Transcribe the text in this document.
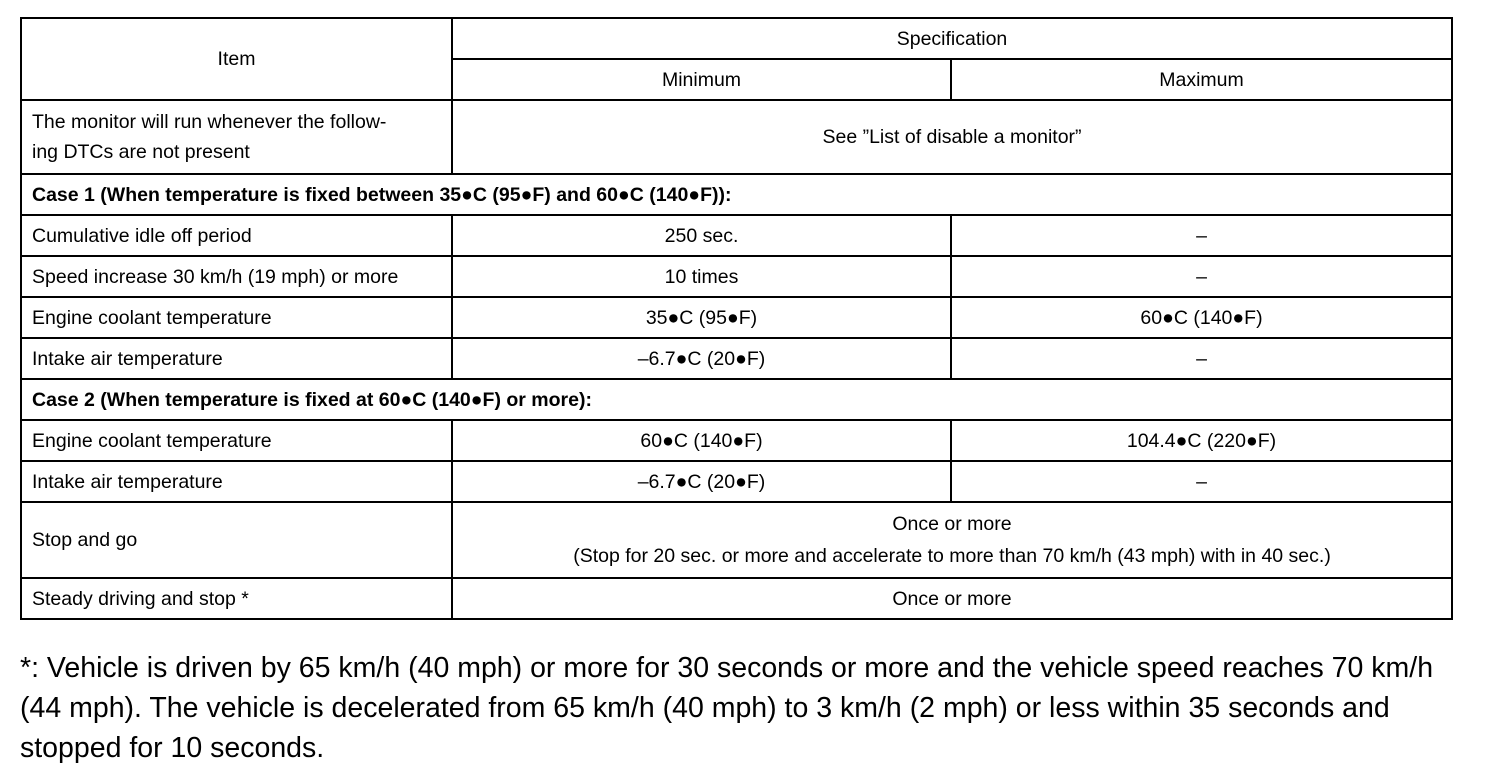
Item	Specification	
	Minimum	Maximum
The monitor will run whenever the follow-
ing DTCs are not present	See ”List of disable a monitor”	
Case 1 (When temperature is fixed between 35●C (95●F) and 60●C (140●F)):		
Cumulative idle off period	250 sec.	–
Speed increase 30 km/h (19 mph) or more	10 times	–
Engine coolant temperature	35●C (95●F)	60●C (140●F)
Intake air temperature	–6.7●C (20●F)	–
Case 2 (When temperature is fixed at 60●C (140●F) or more):		
Engine coolant temperature	60●C (140●F)	104.4●C (220●F)
Intake air temperature	–6.7●C (20●F)	–
Stop and go	Once or more
(Stop for 20 sec. or more and accelerate to more than 70 km/h (43 mph) with in 40 sec.)	

Steady driving and stop *	Once or more	
*: Vehicle is driven by 65 km/h (40 mph) or more for 30 seconds or more and the vehicle speed reaches 70 km/h (44 mph). The vehicle is decelerated from 65 km/h (40 mph) to 3 km/h (2 mph) or less within 35 seconds and stopped for 10 seconds.
